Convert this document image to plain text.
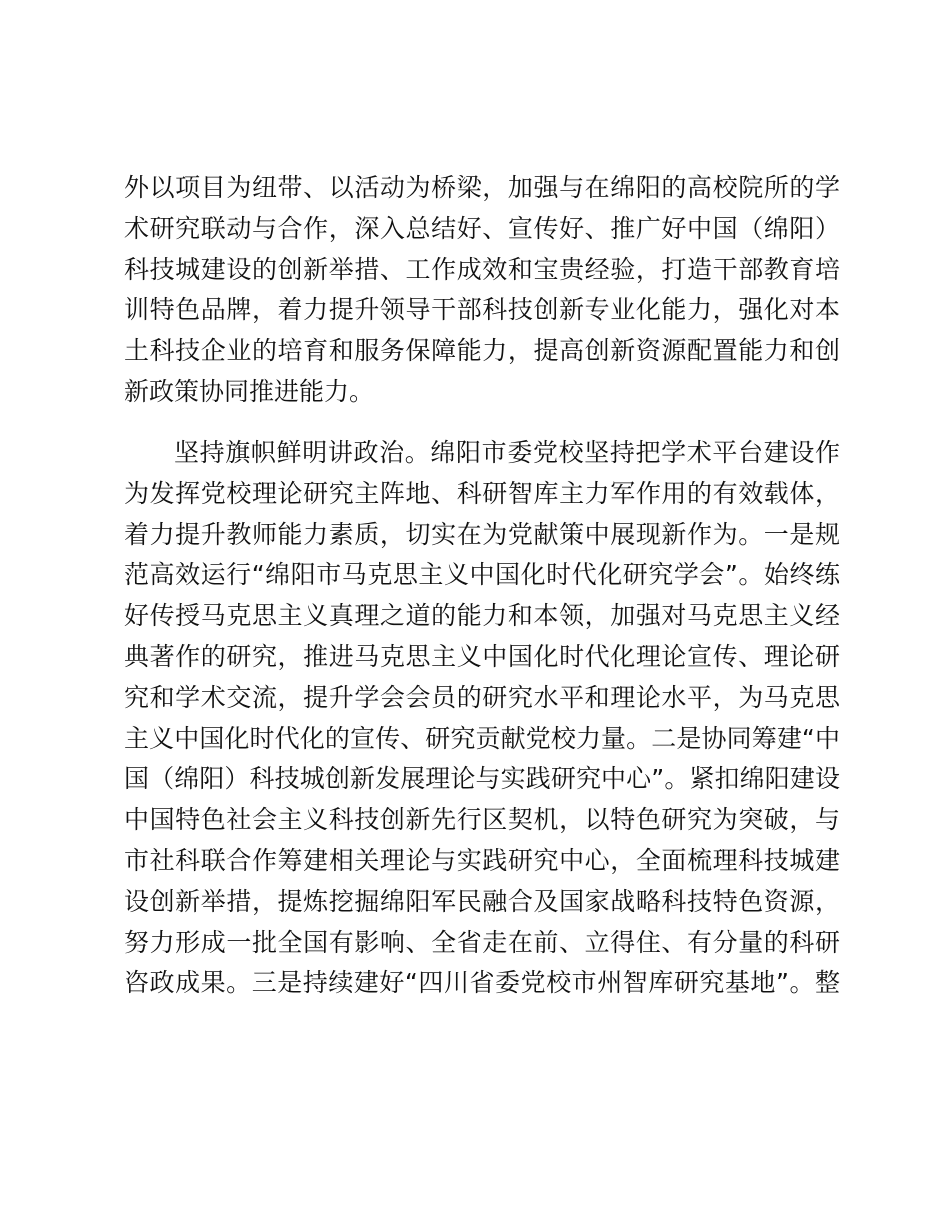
外以项目为纽带、以活动为桥梁，加强与在绵阳的高校院所的学
术研究联动与合作，深入总结好、宣传好、推广好中国（绵阳）
科技城建设的创新举措、工作成效和宝贵经验，打造干部教育培
训特色品牌，着力提升领导干部科技创新专业化能力，强化对本
土科技企业的培育和服务保障能力，提高创新资源配置能力和创
新政策协同推进能力。
坚持旗帜鲜明讲政治。绵阳市委党校坚持把学术平台建设作
为发挥党校理论研究主阵地、科研智库主力军作用的有效载体，
着力提升教师能力素质，切实在为党献策中展现新作为。一是规
范高效运行“绵阳市马克思主义中国化时代化研究学会”。始终练
好传授马克思主义真理之道的能力和本领，加强对马克思主义经
典著作的研究，推进马克思主义中国化时代化理论宣传、理论研
究和学术交流，提升学会会员的研究水平和理论水平，为马克思
主义中国化时代化的宣传、研究贡献党校力量。二是协同筹建“中
国（绵阳）科技城创新发展理论与实践研究中心”。紧扣绵阳建设
中国特色社会主义科技创新先行区契机，以特色研究为突破，与
市社科联合作筹建相关理论与实践研究中心，全面梳理科技城建
设创新举措，提炼挖掘绵阳军民融合及国家战略科技特色资源，
努力形成一批全国有影响、全省走在前、立得住、有分量的科研
咨政成果。三是持续建好“四川省委党校市州智库研究基地”。整
